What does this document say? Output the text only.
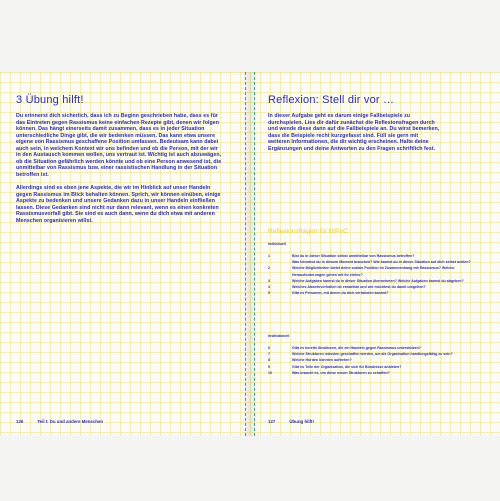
3 Übung hilft!

Du erinnerst dich sicherlich, dass ich zu Beginn geschrieben habe, dass es für das Eintreten gegen Rassismus keine einfachen Rezepte gibt, denen wir folgen können. Das hängt einerseits damit zusammen, dass es in jeder Situation unterschiedliche Dinge gibt, die wir bedenken müssen. Das kann etwa unsere eigene von Rassismus geschaffene Position umfassen. Bedeutsam kann dabei auch sein, in welchem Kontext wir uns befinden und ob die Person, mit der wir in den Austausch kommen wollen, uns vertraut ist. Wichtig ist auch abzuwägen, ob die Situation gefährlich werden könnte und ob eine Person anwesend ist, die unmittelbar von Rassismus bzw. einer rassistischen Handlung in der Situation betroffen ist.

Allerdings sind es eben jene Aspekte, die wir im Hinblick auf unser Handeln gegen Rassismus im Blick behalten können. Sprich, wir können einüben, einige Aspekte zu bedenken und unsere Gedanken dazu in unser Handeln einfließen lassen. Diese Gedanken sind nicht nur dann relevant, wenn es einen konkreten Rassismusvorfall gibt. Sie sind es auch dann, wenn du dich etwa mit anderen Menschen organisieren willst.

126	Teil I: Du und andere Menschen
Reflexion: Stell dir vor …

In dieser Aufgabe geht es darum einige Fallbeispiele zu durchspielen. Lies dir dafür zunächst die Reflexionsfragen durch und wende diese dann auf die Fallbeispiele an. Du wirst bemerken, dass die Beispiele recht kurzgefasst sind. Füll sie gern mit weiteren Informationen, die dir wichtig erscheinen. Halte deine Ergänzungen und deine Antworten zu den Fragen schriftlich fest.

Reflexionsfragen für BIPoC
Individuell
1	Bist du in dieser Situation selbst unmittelbar von Rassismus betroffen?
Was könntest du in diesem Moment brauchen? Wie kannst du in dieser Situation auf dich selbst achten?
2	Welche Möglichkeiten bietet deine soziale Position im Zusammenhang mit Rassismus? Welche Herausforderungen gehen mit ihr einher?
3	Welche Aufgaben kannst du in dieser Situation übernehmen? Welche Aufgaben kannst du abgeben?
4	Welches Abwehrverhalten ist erwartbar und wie möchtest du damit umgehen?
5	Gibt es Personen, mit denen du dich verbünden kannst?
Institutionell
6	Gibt es bereits Strukturen, die ein Handeln gegen Rassismus unterstützen?
7	Welche Strukturen müssten geschaffen werden, um als Organisation handlungsfähig zu sein?
8	Welche Hürden könnten auftreten?
9	Gibt es Teile der Organisation, die sich für Bündnisse anbieten?
10	Was braucht es, um diese neuen Strukturen zu schaffen?
127	Übung hilft!
